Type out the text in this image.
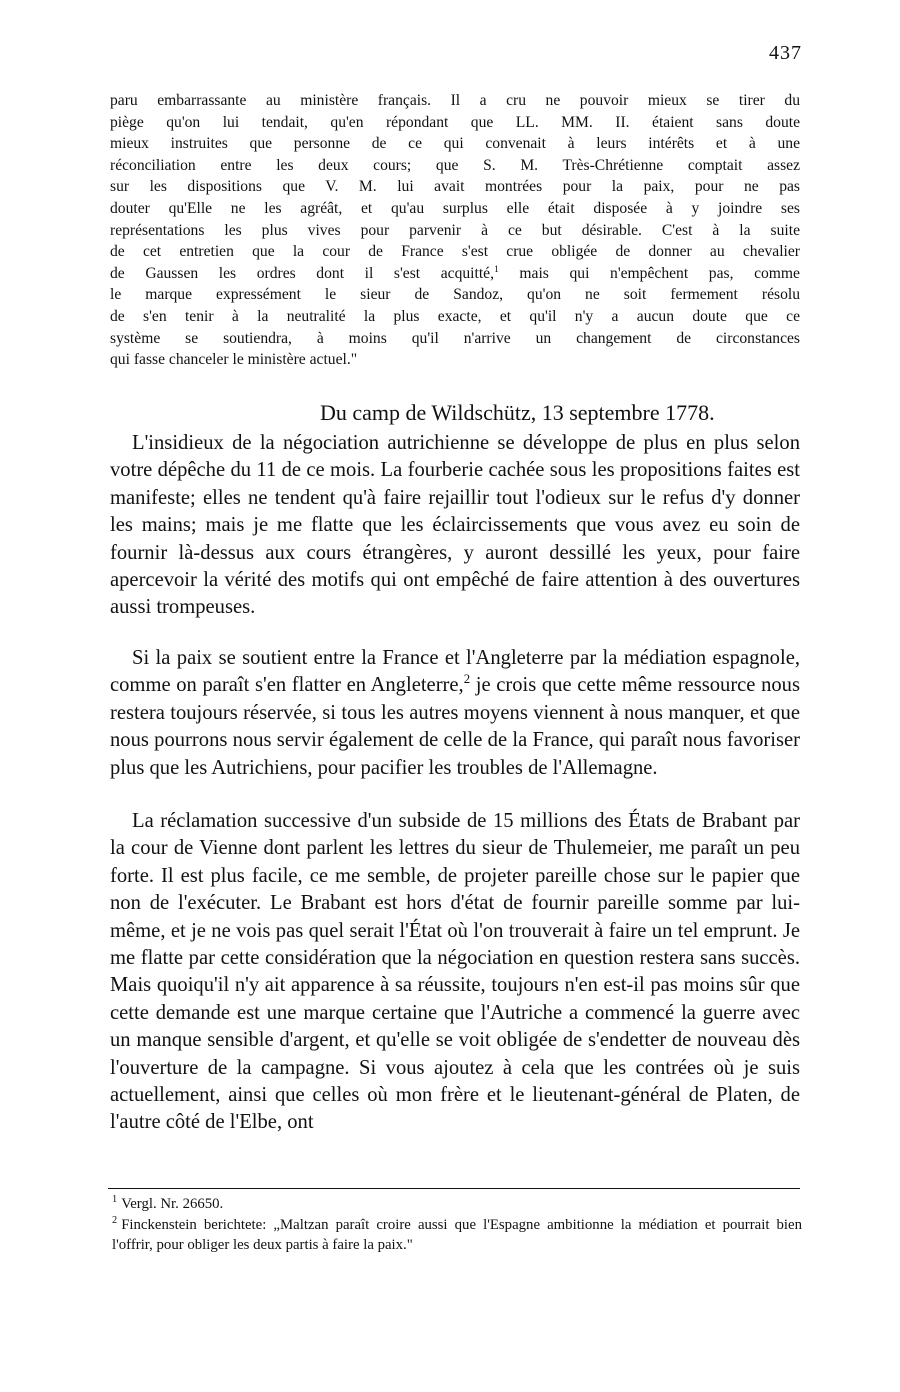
437
paru embarrassante au ministère français. Il a cru ne pouvoir mieux se tirer du
piège qu'on lui tendait, qu'en répondant que LL. MM. II. étaient sans doute
mieux instruites que personne de ce qui convenait à leurs intérêts et à une
réconciliation entre les deux cours; que S. M. Très-Chrétienne comptait assez
sur les dispositions que V. M. lui avait montrées pour la paix, pour ne pas
douter qu'Elle ne les agréât, et qu'au surplus elle était disposée à y joindre ses
représentations les plus vives pour parvenir à ce but désirable. C'est à la suite
de cet entretien que la cour de France s'est crue obligée de donner au chevalier
de Gaussen les ordres dont il s'est acquitté,$^1$ mais qui n'empêchent pas, comme
le marque expressément le sieur de Sandoz, qu'on ne soit fermement résolu
de s'en tenir à la neutralité la plus exacte, et qu'il n'y a aucun doute que ce
système se soutiendra, à moins qu'il n'arrive un changement de circonstances
qui fasse chanceler le ministère actuel."
Du camp de Wildschütz, 13 septembre 1778.

L'insidieux de la négociation autrichienne se développe de plus en plus selon votre dépêche du 11 de ce mois. La fourberie cachée sous les propositions faites est manifeste; elles ne tendent qu'à faire rejaillir tout l'odieux sur le refus d'y donner les mains; mais je me flatte que les éclaircissements que vous avez eu soin de fournir là-dessus aux cours étrangères, y auront dessillé les yeux, pour faire apercevoir la vérité des motifs qui ont empêché de faire attention à des ouvertures aussi trompeuses.

Si la paix se soutient entre la France et l'Angleterre par la médiation espagnole, comme on paraît s'en flatter en Angleterre,$^2$ je crois que cette même ressource nous restera toujours réservée, si tous les autres moyens viennent à nous manquer, et que nous pourrons nous servir également de celle de la France, qui paraît nous favoriser plus que les Autrichiens, pour pacifier les troubles de l'Allemagne.

La réclamation successive d'un subside de 15 millions des États de Brabant par la cour de Vienne dont parlent les lettres du sieur de Thulemeier, me paraît un peu forte. Il est plus facile, ce me semble, de projeter pareille chose sur le papier que non de l'exécuter. Le Brabant est hors d'état de fournir pareille somme par lui-même, et je ne vois pas quel serait l'État où l'on trouverait à faire un tel emprunt. Je me flatte par cette considération que la négociation en question restera sans succès. Mais quoiqu'il n'y ait apparence à sa réussite, toujours n'en est-il pas moins sûr que cette demande est une marque certaine que l'Autriche a commencé la guerre avec un manque sensible d'argent, et qu'elle se voit obligée de s'endetter de nouveau dès l'ouverture de la campagne. Si vous ajoutez à cela que les contrées où je suis actuellement, ainsi que celles où mon frère et le lieutenant-général de Platen, de l'autre côté de l'Elbe, ont

$^1$ Vergl. Nr. 26650.

$^2$ Finckenstein berichtete: „Maltzan paraît croire aussi que l'Espagne ambitionne la médiation et pourrait bien l'offrir, pour obliger les deux partis à faire la paix."
